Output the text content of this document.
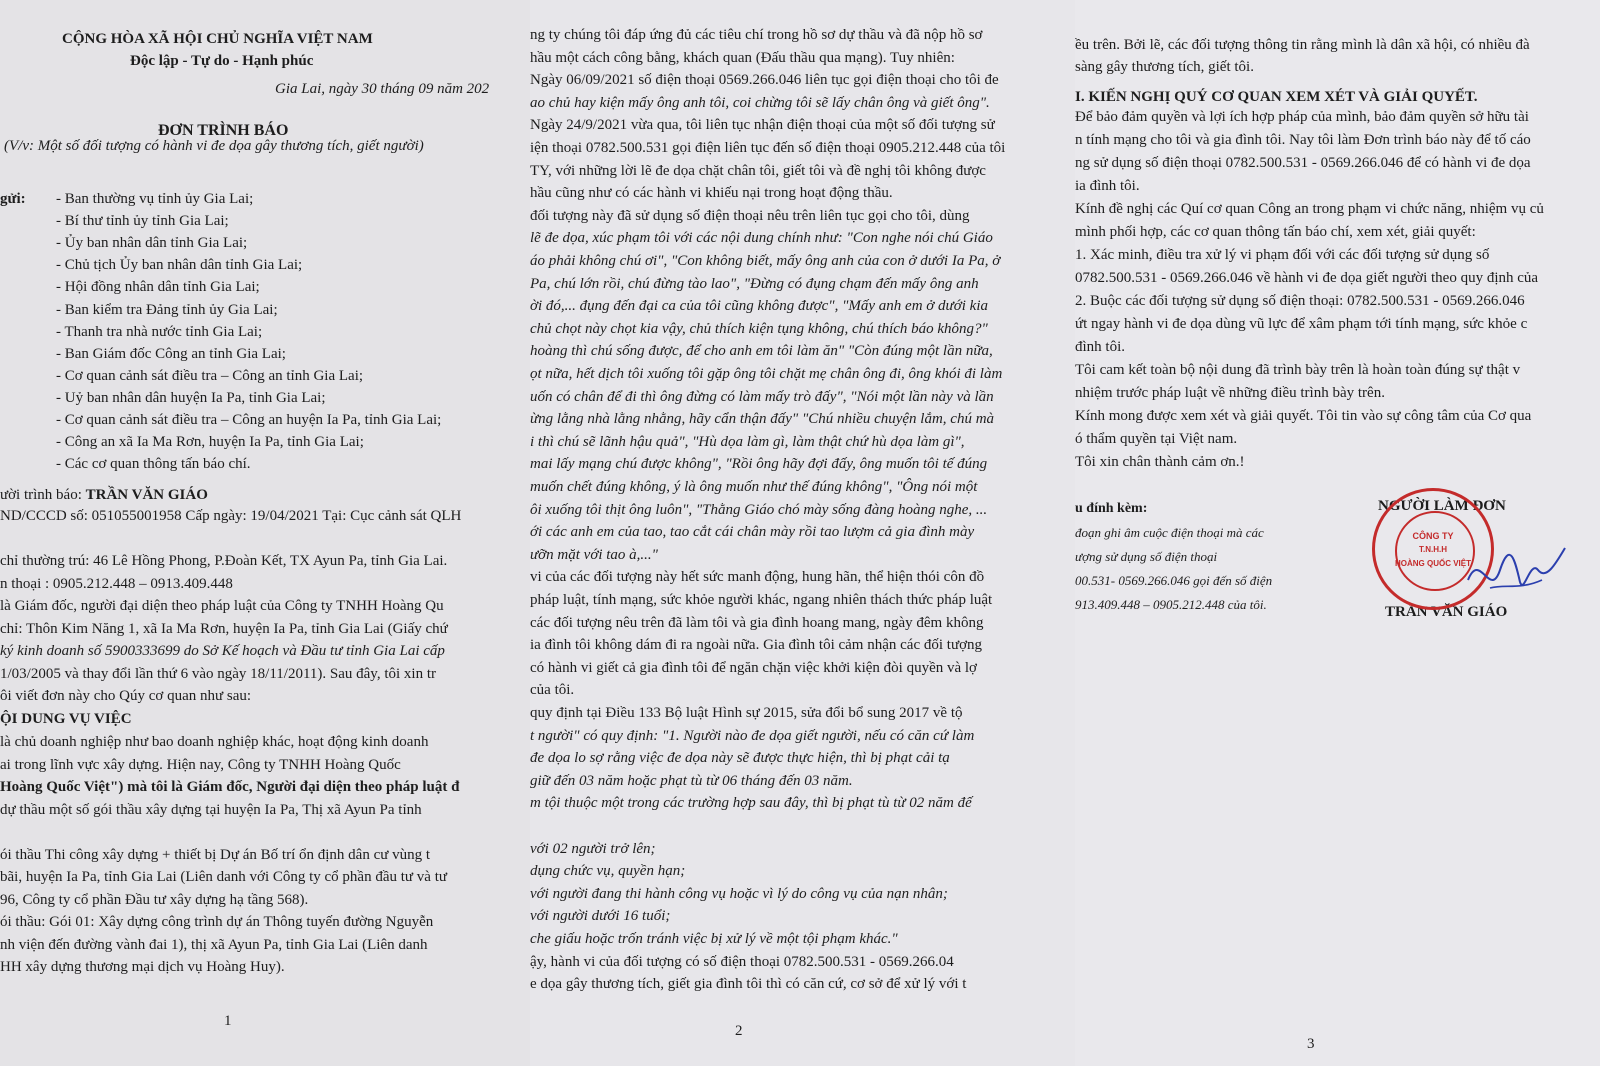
CỘNG HÒA XÃ HỘI CHỦ NGHĨA VIỆT NAM
Độc lập - Tự do - Hạnh phúc
Gia Lai, ngày 30 tháng 09 năm 202
ĐƠN TRÌNH BÁO
(V/v: Một số đối tượng có hành vi đe dọa gây thương tích, giết người)
gửi: - Ban thường vụ tỉnh ủy Gia Lai;
- Bí thư tỉnh ủy tỉnh Gia Lai;
- Ủy ban nhân dân tỉnh Gia Lai;
- Chủ tịch Ủy ban nhân dân tỉnh Gia Lai;
- Hội đồng nhân dân tỉnh Gia Lai;
- Ban kiểm tra Đảng tỉnh ủy Gia Lai;
- Thanh tra nhà nước tỉnh Gia Lai;
- Ban Giám đốc Công an tỉnh Gia Lai;
- Cơ quan cảnh sát điều tra – Công an tỉnh Gia Lai;
- Uỷ ban nhân dân huyện Ia Pa, tỉnh Gia Lai;
- Cơ quan cảnh sát điều tra – Công an huyện Ia Pa, tỉnh Gia Lai;
- Công an xã Ia Ma Rơn, huyện Ia Pa, tỉnh Gia Lai;
- Các cơ quan thông tấn báo chí.
ười trình báo: TRẦN VĂN GIÁO
ND/CCCD số: 051055001958 Cấp ngày: 19/04/2021 Tại: Cục cảnh sát QLH
chỉ thường trú: 46 Lê Hồng Phong, P.Đoàn Kết, TX Ayun Pa, tỉnh Gia Lai.
n thoại : 0905.212.448 – 0913.409.448
là Giám đốc, người đại diện theo pháp luật của Công ty TNHH Hoàng Qu
chỉ: Thôn Kim Năng 1, xã Ia Ma Rơn, huyện Ia Pa, tỉnh Gia Lai (Giấy chứ
ký kinh doanh số 5900333699 do Sở Kế hoạch và Đầu tư tỉnh Gia Lai cấp
1/03/2005 và thay đổi lần thứ 6 vào ngày 18/11/2011). Sau đây, tôi xin tr
ôi viết đơn này cho Qúy cơ quan như sau:
ỘI DUNG VỤ VIỆC
là chủ doanh nghiệp như bao doanh nghiệp khác, hoạt động kinh doanh
ai trong lĩnh vực xây dựng. Hiện nay, Công ty TNHH Hoàng Quốc
Hoàng Quốc Việt") mà tôi là Giám đốc, Người đại diện theo pháp luật đ
dự thầu một số gói thầu xây dựng tại huyện Ia Pa, Thị xã Ayun Pa tỉnh
ói thầu Thi công xây dựng + thiết bị Dự án Bố trí ổn định dân cư vùng t
bãi, huyện Ia Pa, tỉnh Gia Lai (Liên danh với Công ty cổ phần đầu tư và tư
96, Công ty cổ phần Đầu tư xây dựng hạ tầng 568).
ói thầu: Gói 01: Xây dựng công trình dự án Thông tuyến đường Nguyễn
nh viện đến đường vành đai 1), thị xã Ayun Pa, tỉnh Gia Lai (Liên danh
HH xây dựng thương mại dịch vụ Hoàng Huy).
1
ng ty chúng tôi đáp ứng đủ các tiêu chí trong hồ sơ dự thầu và đã nộp hồ sơ
hầu một cách công bằng, khách quan (Đấu thầu qua mạng). Tuy nhiên:
Ngày 06/09/2021 số điện thoại 0569.266.046 liên tục gọi điện thoại cho tôi đe
ao chủ hay kiện mấy ông anh tôi, coi chừng tôi sẽ lấy chân ông và giết ông".
Ngày 24/9/2021 vừa qua, tôi liên tục nhận điện thoại của một số đối tượng sử
iện thoại 0782.500.531 gọi điện liên tục đến số điện thoại 0905.212.448 của tôi
TY, với những lời lẽ đe dọa chặt chân tôi, giết tôi và đề nghị tôi không được
hầu cũng như có các hành vi khiếu nại trong hoạt động thầu.
đối tượng này đã sử dụng số điện thoại nêu trên liên tục gọi cho tôi, dùng
lẽ đe dọa, xúc phạm tôi với các nội dung chính như: "Con nghe nói chú Giáo
áo phải không chú ơi", "Con không biết, mấy ông anh của con ở dưới Ia Pa, ở
Pa, chú lớn rồi, chú đừng tào lao", "Đừng có đụng chạm đến mấy ông anh
ời đó,... đụng đến đại ca của tôi cũng không được", "Mấy anh em ở dưới kia
chủ chọt này chọt kia vậy, chủ thích kiện tụng không, chú thích báo không?"
hoàng thì chú sống được, để cho anh em tôi làm ăn" "Còn đúng một lần nữa,
ọt nữa, hết dịch tôi xuống tôi gặp ông tôi chặt mẹ chân ông đi, ông khói đi làm
uốn có chân để đi thì ông đừng có làm mấy trò đấy", "Nói một lần này và lần
ừng lằng nhà lằng nhằng, hãy cẩn thận đấy" "Chú nhiều chuyện lắm, chú mà
i thì chú sẽ lãnh hậu quả", "Hù dọa làm gì, làm thật chứ hù dọa làm gì",
mai lấy mạng chú được không", "Rồi ông hãy đợi đấy, ông muốn tôi tế đúng
muốn chết đúng không, ý là ông muốn như thế đúng không", "Ông nói một
ôi xuống tôi thịt ông luôn", "Thằng Giáo chó mày sống đàng hoàng nghe, ...
ới các anh em của tao, tao cắt cái chân mày rồi tao lượm cả gia đình mày
ưỡn mặt với tao à,..."
vi của các đối tượng này hết sức manh động, hung hãn, thể hiện thói côn đồ
pháp luật, tính mạng, sức khỏe người khác, ngang nhiên thách thức pháp luật
các đối tượng nêu trên đã làm tôi và gia đình hoang mang, ngày đêm không
ia đình tôi không dám đi ra ngoài nữa. Gia đình tôi cảm nhận các đối tượng
có hành vi giết cả gia đình tôi để ngăn chặn việc khởi kiện đòi quyền và lợ
của tôi.
quy định tại Điều 133 Bộ luật Hình sự 2015, sửa đổi bổ sung 2017 về tộ
t người" có quy định: "1. Người nào đe dọa giết người, nếu có căn cứ làm
đe dọa lo sợ rằng việc đe dọa này sẽ được thực hiện, thì bị phạt cải tạ
giữ đến 03 năm hoặc phạt tù từ 06 tháng đến 03 năm.
m tội thuộc một trong các trường hợp sau đây, thì bị phạt tù từ 02 năm đế
với 02 người trở lên;
dụng chức vụ, quyền hạn;
với người đang thi hành công vụ hoặc vì lý do công vụ của nạn nhân;
với người dưới 16 tuổi;
che giấu hoặc trốn tránh việc bị xử lý về một tội phạm khác."
ậy, hành vi của đối tượng có số điện thoại 0782.500.531 - 0569.266.04
e dọa gây thương tích, giết gia đình tôi thì có căn cứ, cơ sở để xử lý với t
2
ều trên. Bởi lẽ, các đối tượng thông tin rằng mình là dân xã hội, có nhiều đà
sàng gây thương tích, giết tôi.
I. KIẾN NGHỊ QUÝ CƠ QUAN XEM XÉT VÀ GIẢI QUYẾT.
Để bảo đảm quyền và lợi ích hợp pháp của mình, bảo đảm quyền sở hữu tài
n tính mạng cho tôi và gia đình tôi. Nay tôi làm Đơn trình báo này để tố cáo
ng sử dụng số điện thoại 0782.500.531 - 0569.266.046 để có hành vi đe dọa
ia đình tôi.
Kính đề nghị các Quí cơ quan Công an trong phạm vi chức năng, nhiệm vụ củ
mình phối hợp, các cơ quan thông tấn báo chí, xem xét, giải quyết:
1. Xác minh, điều tra xử lý vi phạm đối với các đối tượng sử dụng số
0782.500.531 - 0569.266.046 về hành vi đe dọa giết người theo quy định của
2. Buộc các đối tượng sử dụng số điện thoại: 0782.500.531 - 0569.266.046
ứt ngay hành vi đe dọa dùng vũ lực để xâm phạm tới tính mạng, sức khỏe c
đình tôi.
Tôi cam kết toàn bộ nội dung đã trình bày trên là hoàn toàn đúng sự thật v
nhiệm trước pháp luật về những điều trình bày trên.
Kính mong được xem xét và giải quyết. Tôi tin vào sự công tâm của Cơ qua
ó thẩm quyền tại Việt nam.
Tôi xin chân thành cảm ơn.!
u đính kèm:
đoạn ghi âm cuộc điện thoại mà các
ượng sử dụng số điện thoại
00.531- 0569.266.046 gọi đến số điện
913.409.448 – 0905.212.448 của tôi.
NGƯỜI LÀM ĐƠN
TRẦN VĂN GIÁO
3
CÔNG TY
T.N.H.H
HOÀNG QUỐC VIỆT
